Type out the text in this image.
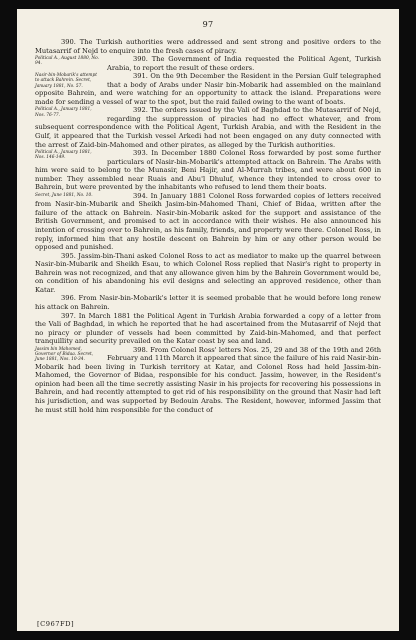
97

390. The Turkish authorities were addressed and sent strong and positive orders to the Mutasarrif of Nejd to enquire into the fresh cases of piracy.

Political A., August 1880, No. 94.
390. The Government of India requested the Political Agent, Turkish Arabia, to report the result of these orders.

Nasir-bin-Mobarik's attempt to attack Bahrein. Secret, January 1881, No. 57.
391. On the 9th December the Resident in the Persian Gulf telegraphed that a body of Arabs under Nasir bin-Mobarik had assembled on the mainland opposite Bahrein, and were watching for an opportunity to attack the island. Preparations were made for sending a vessel of war to the spot, but the raid failed owing to the want of boats.

Political A., January 1881, Nos. 76-77.
392. The orders issued by the Vali of Baghdad to the Mutasarrif of Nejd, regarding the suppression of piracies had no effect whatever, and from subsequent correspondence with the Political Agent, Turkish Arabia, and with the Resident in the Gulf, it appeared that the Turkish vessel Arkedi had not been engaged on any duty connected with the arrest of Zaid-bin-Mahomed and other pirates, as alleged by the Turkish authorities.

Political A., January 1881, Nos. 146-149.
393. In December 1880 Colonel Ross forwarded by post some further particulars of Nasir-bin-Mobarik's attempted attack on Bahrein. The Arabs with him were said to belong to the Munasir, Beni Hajir, and Al-Murrah tribes, and were about 600 in number. They assembled near Ruais and Abu'l Dhuluf, whence they intended to cross over to Bahrein, but were prevented by the inhabitants who refused to lend them their boats.

Secret, June 1881, No. 10.	394. In January 1881 Colonel Ross forwarded copies of letters received from Nasir-bin-Mubarik and Sheikh Jasim-bin-Mahomed Thani, Chief of Bidaa, written after the failure of the attack on Bahrein. Nasir-bin-Mobarik asked for the support and assistance of the British Government, and promised to act in accordance with their wishes. He also announced his intention of crossing over to Bahrein, as his family, friends, and property were there. Colonel Ross, in reply, informed him that any hostile descent on Bahrein by him or any other person would be opposed and punished.

395. Jassim-bin-Thani asked Colonel Ross to act as mediator to make up the quarrel between Nasir-bin-Mubarik and Sheikh Esau, to which Colonel Ross replied that Nasir's right to property in Bahrein was not recognized, and that any allowance given him by the Bahrein Government would be, on condition of his abandoning his evil designs and selecting an approved residence, other than Katar.

396. From Nasir-bin-Mobarik's letter it is seemed probable that he would before long renew his attack on Bahrein.

397. In March 1881 the Political Agent in Turkish Arabia forwarded a copy of a letter from the Vali of Baghdad, in which he reported that he had ascertained from the Mutasarrif of Nejd that no piracy or plunder of vessels had been committed by Zaid-bin-Mahomed, and that perfect tranquillity and security prevailed on the Katar coast by sea and land.

Jassim bin Mahomed, Governor of Bidaa. Secret, June 1881, Nos. 10-34.
398. From Colonel Ross' letters Nos. 25, 29 and 38 of the 19th and 26th February and 11th March it appeared that since the failure of his raid Nasir-bin-Mobarik had been living in Turkish territory at Katar, and Colonel Ross had held Jassim-bin-Mahomed, the Governor of Bidaa, responsible for his conduct. Jassim, however, in the Resident's opinion had been all the time secretly assisting Nasir in his projects for recovering his possessions in Bahrein, and had recently attempted to get rid of his responsibility on the ground that Nasir had left his jurisdiction, and was supported by Bedouin Arabs. The Resident, however, informed Jassim that he must still hold him responsible for the conduct of

[C967FD]
